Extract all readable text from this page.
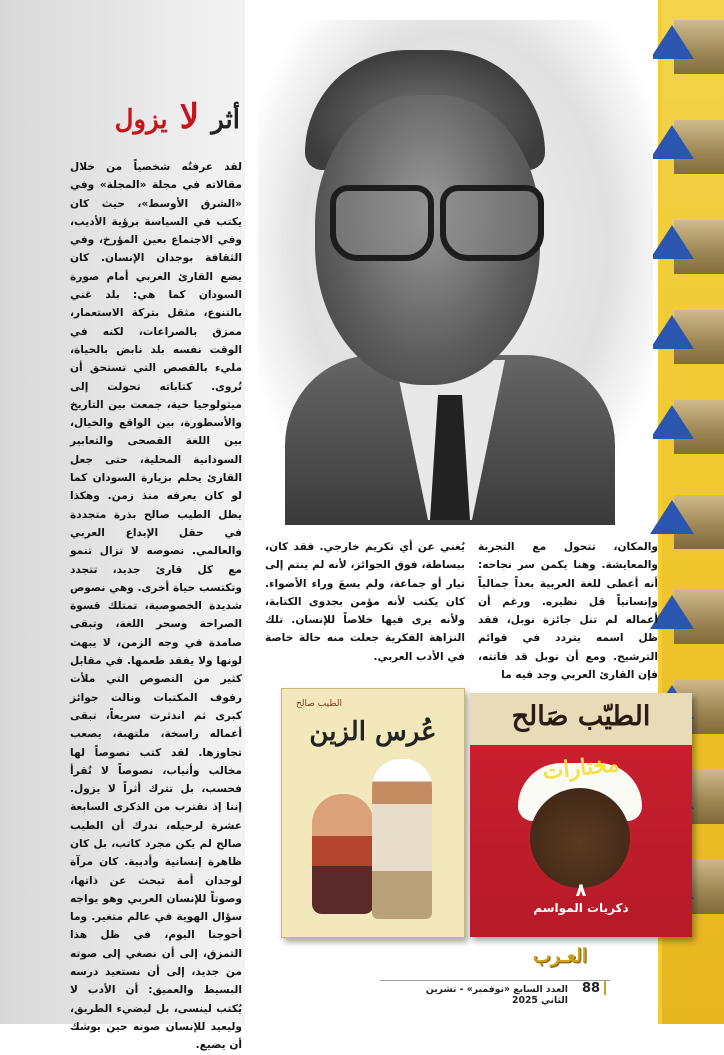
أثر لا يزول
لقد عرفتُه شخصياً من خلال مقالاته في مجلة «المجلة» وفي «الشرق الأوسط»، حيث كان يكتب في السياسة برؤية الأديب، وفي الاجتماع بعين المؤرخ، وفي الثقافة بوجدان الإنسان. كان يضع القارئ العربي أمام صورة السودان كما هي: بلد غني بالتنوع، مثقل بتركة الاستعمار، ممزق بالصراعات، لكنه في الوقت نفسه بلد نابض بالحياة، مليء بالقصص التي تستحق أن تُروى. كتاباته تحولت إلى ميثولوجيا حية، جمعت بين التاريخ والأسطورة، بين الواقع والخيال، بين اللغة الفصحى والتعابير السودانية المحلية، حتى جعل القارئ يحلم بزيارة السودان كما لو كان يعرفه منذ زمن. وهكذا يظل الطيب صالح بذرة متجددة في حقل الإبداع العربي والعالمي. نصوصه لا تزال تنمو مع كل قارئ جديد، تتجدد وتكتسب حياة أخرى. وهي نصوص شديدة الخصوصية، تمتلك قسوة الصراحة وسحر اللغة، وتبقى صامدة في وجه الزمن، لا يبهت لونها ولا يفقد طعمها. في مقابل كثير من النصوص التي ملأت رفوف المكتبات ونالت جوائز كبرى ثم اندثرت سريعاً، تبقى أعماله راسخة، ملتهبة، يصعب تجاوزها. لقد كتب نصوصاً لها مخالب وأنياب، نصوصاً لا تُقرأ فحسب، بل تترك أثراً لا يزول. إننا إذ نقترب من الذكرى السابعة عشرة لرحيله، ندرك أن الطيب صالح لم يكن مجرد كاتب، بل كان ظاهرة إنسانية وأدبية. كان مرآة لوجدان أمة تبحث عن ذاتها، وصوتاً للإنسان العربي وهو يواجه سؤال الهوية في عالم متغير. وما أحوجنا اليوم، في ظل هذا التمزق، إلى أن نصغي إلى صوته من جديد، إلى أن نستعيد درسه البسيط والعميق: أن الأدب لا يُكتب لينسى، بل ليضيء الطريق، وليعيد للإنسان صوته حين يوشك أن يضيع.
يُغني عن أي تكريم خارجي. فقد كان، ببساطة، فوق الجوائز، لأنه لم ينتم إلى تيار أو جماعة، ولم يسعَ وراء الأضواء. كان يكتب لأنه مؤمن بجدوى الكتابة، ولأنه يرى فيها خلاصاً للإنسان. تلك النزاهة الفكرية جعلت منه حالة خاصة في الأدب العربي.
والمكان، تتحول مع التجربة والمعايشة. وهنا يكمن سر نجاحه: أنه أعطى للغة العربية بعداً جمالياً وإنسانياً قل نظيره. ورغم أن أعماله لم تنل جائزة نوبل، فقد ظل اسمه يتردد في قوائم الترشيح. ومع أن نوبل قد فاتته، فإن القارئ العربي وجد فيه ما
الطيب صالح
عُرس الزين	الطيّب صَالح
مختارات
٨
ذكريات المواسم
العـرب
العدد السابع «نوفمبر» - تشرين الثاني 2025
88
